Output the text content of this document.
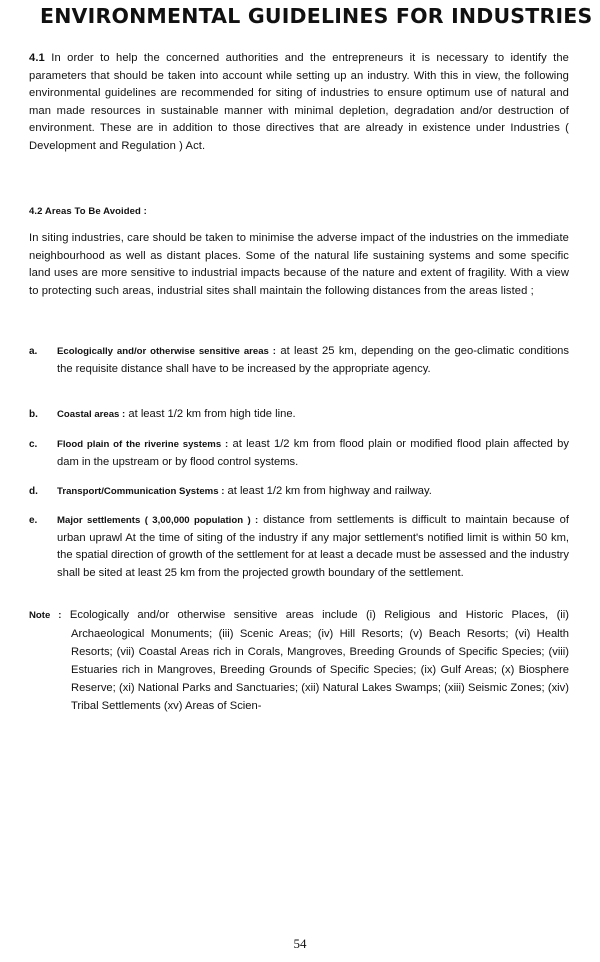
ENVIRONMENTAL GUIDELINES FOR INDUSTRIES
4.1 In order to help the concerned authorities and the entrepreneurs it is necessary to identify the parameters that should be taken into account while setting up an industry. With this in view, the following environmental guidelines are recommended for siting of industries to ensure optimum use of natural and man made resources in sustainable manner with minimal depletion, degradation and/or destruction of environment. These are in addition to those directives that are already in existence under Industries ( Development and Regulation ) Act.
4.2 Areas To Be Avoided :
In siting industries, care should be taken to minimise the adverse impact of the industries on the immediate neighbourhood as well as distant places. Some of the natural life sustaining systems and some specific land uses are more sensitive to industrial impacts because of the nature and extent of fragility. With a view to protecting such areas, industrial sites shall maintain the following distances from the areas listed ;
a. Ecologically and/or otherwise sensitive areas : at least 25 km, depending on the geo-climatic conditions the requisite distance shall have to be increased by the appropriate agency.
b. Coastal areas : at least 1/2 km from high tide line.
c. Flood plain of the riverine systems : at least 1/2 km from flood plain or modified flood plain affected by dam in the upstream or by flood control systems.
d. Transport/Communication Systems : at least 1/2 km from highway and railway.
e. Major settlements ( 3,00,000 population ) : distance from settlements is difficult to maintain because of urban uprawl At the time of siting of the industry if any major settlement's notified limit is within 50 km, the spatial direction of growth of the settlement for at least a decade must be assessed and the industry shall be sited at least 25 km from the projected growth boundary of the settlement.
Note : Ecologically and/or otherwise sensitive areas include (i) Religious and Historic Places, (ii) Archaeological Monuments; (iii) Scenic Areas; (iv) Hill Resorts; (v) Beach Resorts; (vi) Health Resorts; (vii) Coastal Areas rich in Corals, Mangroves, Breeding Grounds of Specific Species; (viii) Estuaries rich in Mangroves, Breeding Grounds of Specific Species; (ix) Gulf Areas; (x) Biosphere Reserve; (xi) National Parks and Sanctuaries; (xii) Natural Lakes Swamps; (xiii) Seismic Zones; (xiv) Tribal Settlements (xv) Areas of Scien-
54
